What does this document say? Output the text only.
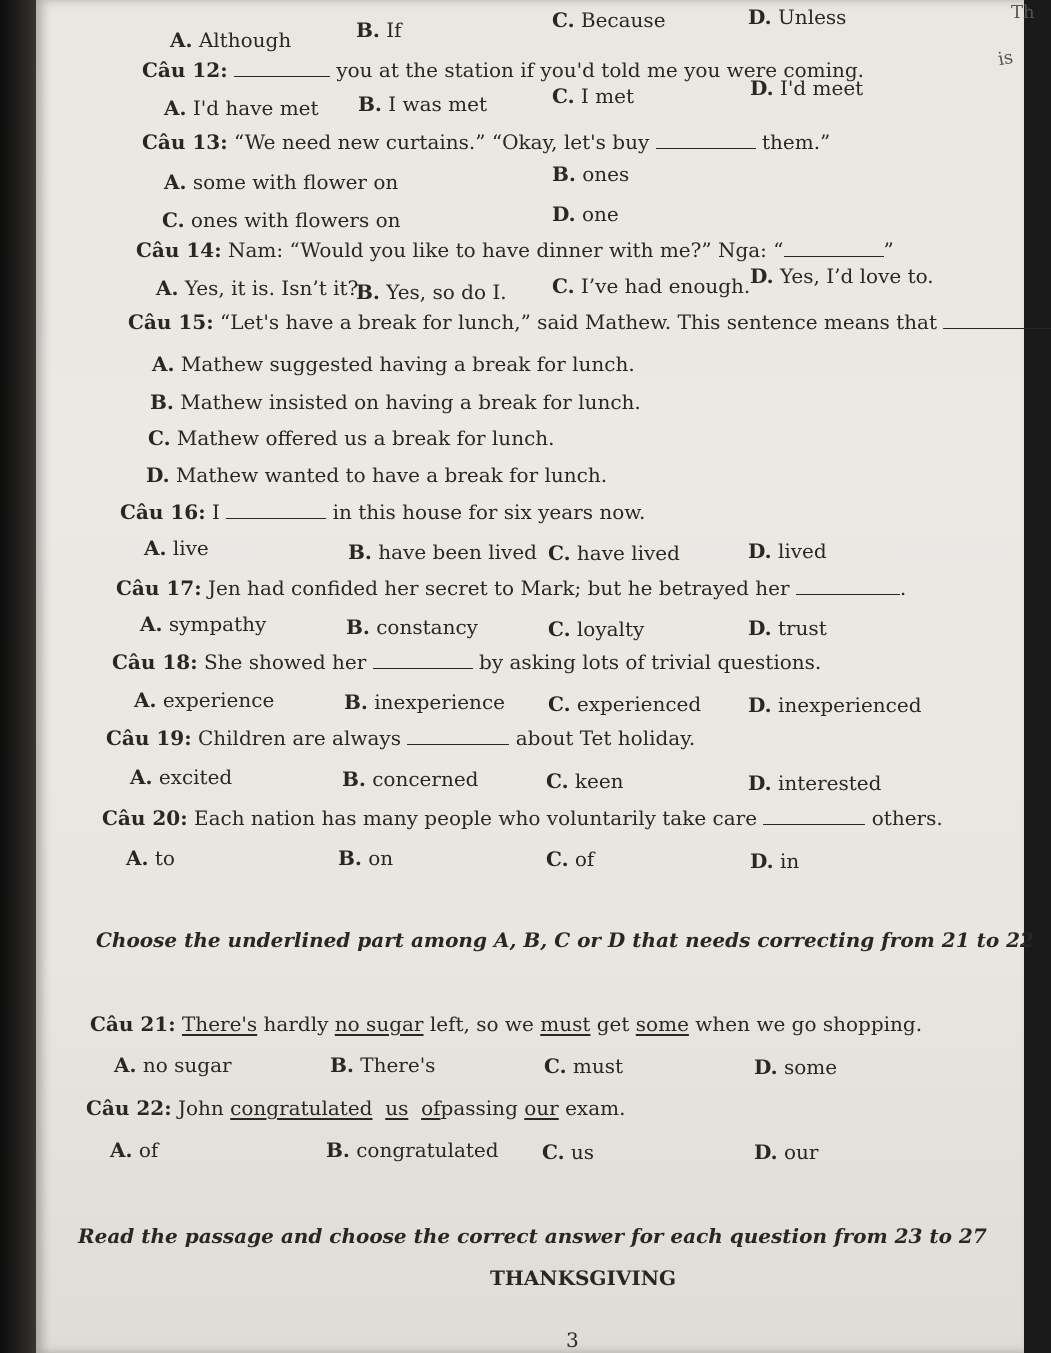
Th
is
A. Although	B. If	C. Because	D. Unless
Câu 12:	you at the station if you'd told me you were coming.
A. I'd have met B. I was met	C. I met	D. I'd meet
Câu 13: “We need new curtains.” “Okay, let's buy	them.”
A. some with flower on	B. ones
C. ones with flowers on	D. one
Câu 14: Nam: “Would you like to have dinner with me?” Nga: “	”
A. Yes, it is. Isn’t it?
B. Yes, so do I. C. I’ve had enough. D. Yes, I’d love to.
Câu 15: “Let's have a break for lunch,” said Mathew. This sentence means that
A. Mathew suggested having a break for lunch.
B. Mathew insisted on having a break for lunch.
C. Mathew offered us a break for lunch.
D. Mathew wanted to have a break for lunch.
Câu 16: I	in this house for six years now.
A. live	B. have been lived C. have lived	D. lived
Câu 17: Jen had confided her secret to Mark; but he betrayed her	.
A. sympathy	B. constancy	C. loyalty	D. trust
Câu 18: She showed her	by asking lots of trivial questions.
A. experience	B. inexperience C. experienced D. inexperienced
Câu 19: Children are always	about Tet holiday.
A. excited	B. concerned	C. keen	D. interested
Câu 20: Each nation has many people who voluntarily take care	others.
A. to	B. on	C. of	D. in
Choose the underlined part among A, B, C or D that needs correcting from 21 to 22
Câu 21: There's hardly no sugar left, so we must get some when we go shopping.
A. no sugar	B. There's	C. must	D. some
Câu 22: John congratulated us ofpassing our exam.
A. of	B. congratulated C. us	D. our
Read the passage and choose the correct answer for each question from 23 to 27
THANKSGIVING
3
